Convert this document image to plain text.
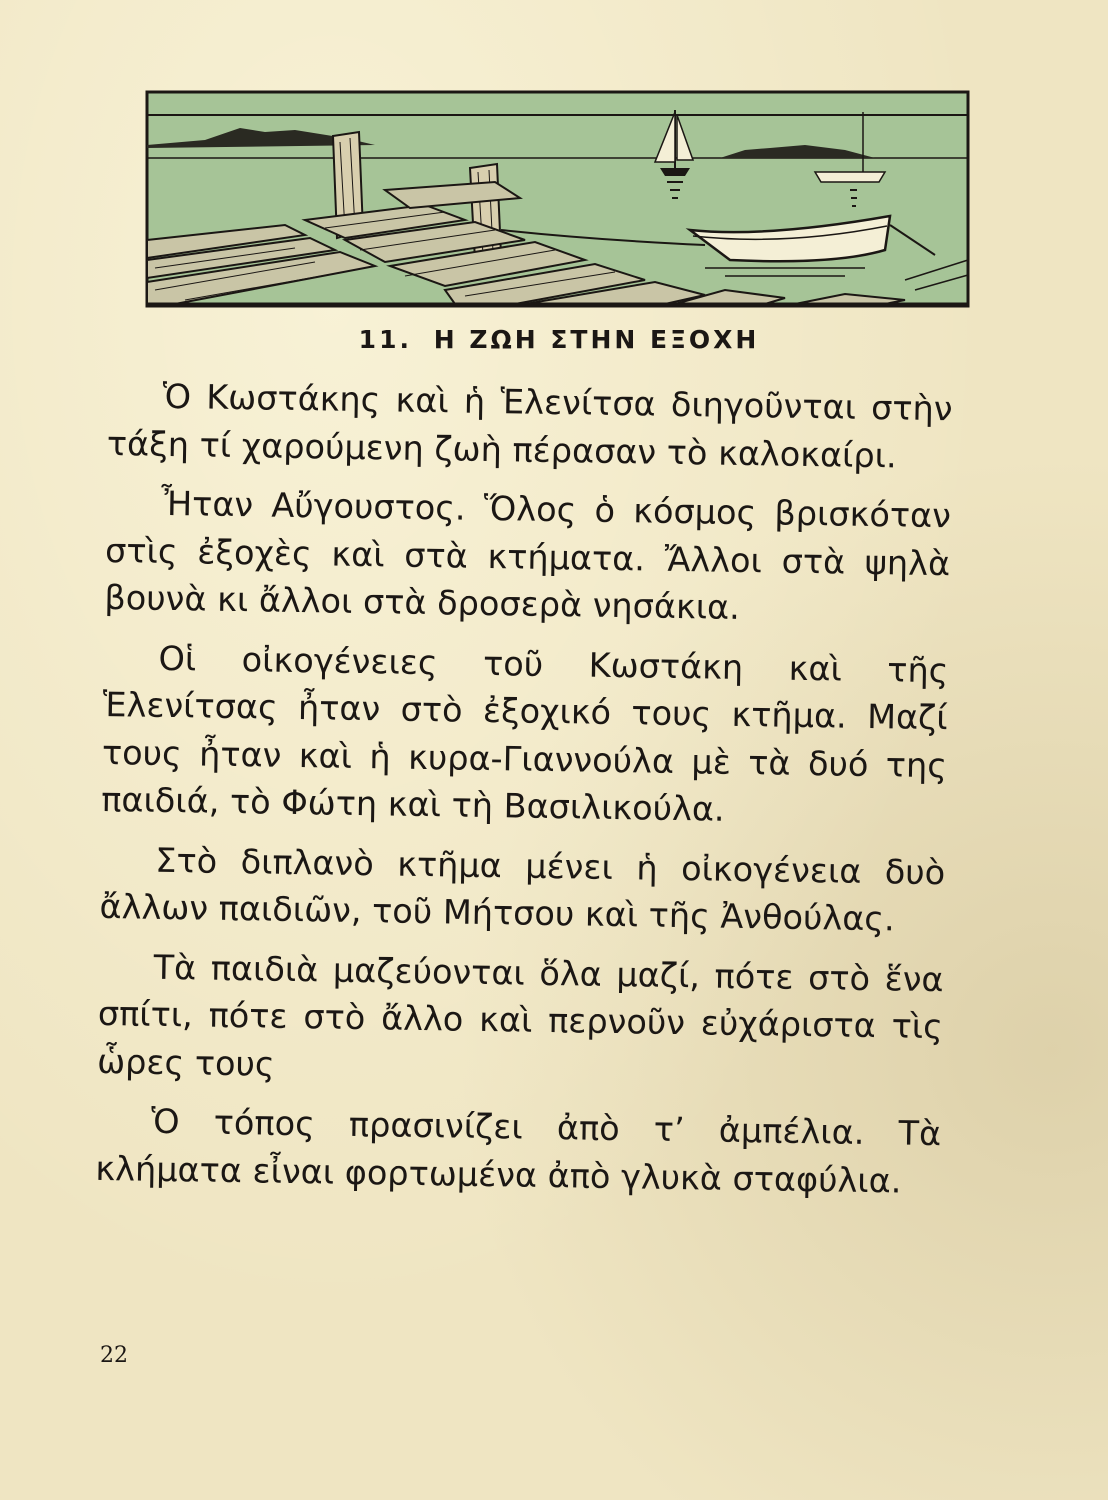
11. Η ΖΩΗ ΣΤΗΝ ΕΞΟΧΗ

Ὁ Κωστάκης καὶ ἡ Ἑλενίτσα διηγοῦνται στὴν τάξη τί χαρούμενη ζωὴ πέρασαν τὸ καλοκαίρι.

Ἦταν Αὔγουστος. Ὅλος ὁ κόσμος βρισκόταν στὶς ἐξοχὲς καὶ στὰ κτήματα. Ἄλλοι στὰ ψηλὰ βουνὰ κι ἄλλοι στὰ δροσερὰ νησάκια.

Οἱ οἰκογένειες τοῦ Κωστάκη καὶ τῆς Ἑλενίτσας ἦταν στὸ ἐξοχικό τους κτῆμα. Μαζί τους ἦταν καὶ ἡ κυρα-Γιαννούλα μὲ τὰ δυό της παιδιά, τὸ Φώτη καὶ τὴ Βασιλικούλα.

Στὸ διπλανὸ κτῆμα μένει ἡ οἰκογένεια δυὸ ἄλλων παιδιῶν, τοῦ Μήτσου καὶ τῆς Ἀνθούλας.

Τὰ παιδιὰ μαζεύονται ὅλα μαζί, πότε στὸ ἕνα σπίτι, πότε στὸ ἄλλο καὶ περνοῦν εὐχάριστα τὶς ὧρες τους

Ὁ τόπος πρασινίζει ἀπὸ τ’ ἀμπέλια. Τὰ κλήματα εἶναι φορτωμένα ἀπὸ γλυκὰ σταφύλια.

22
